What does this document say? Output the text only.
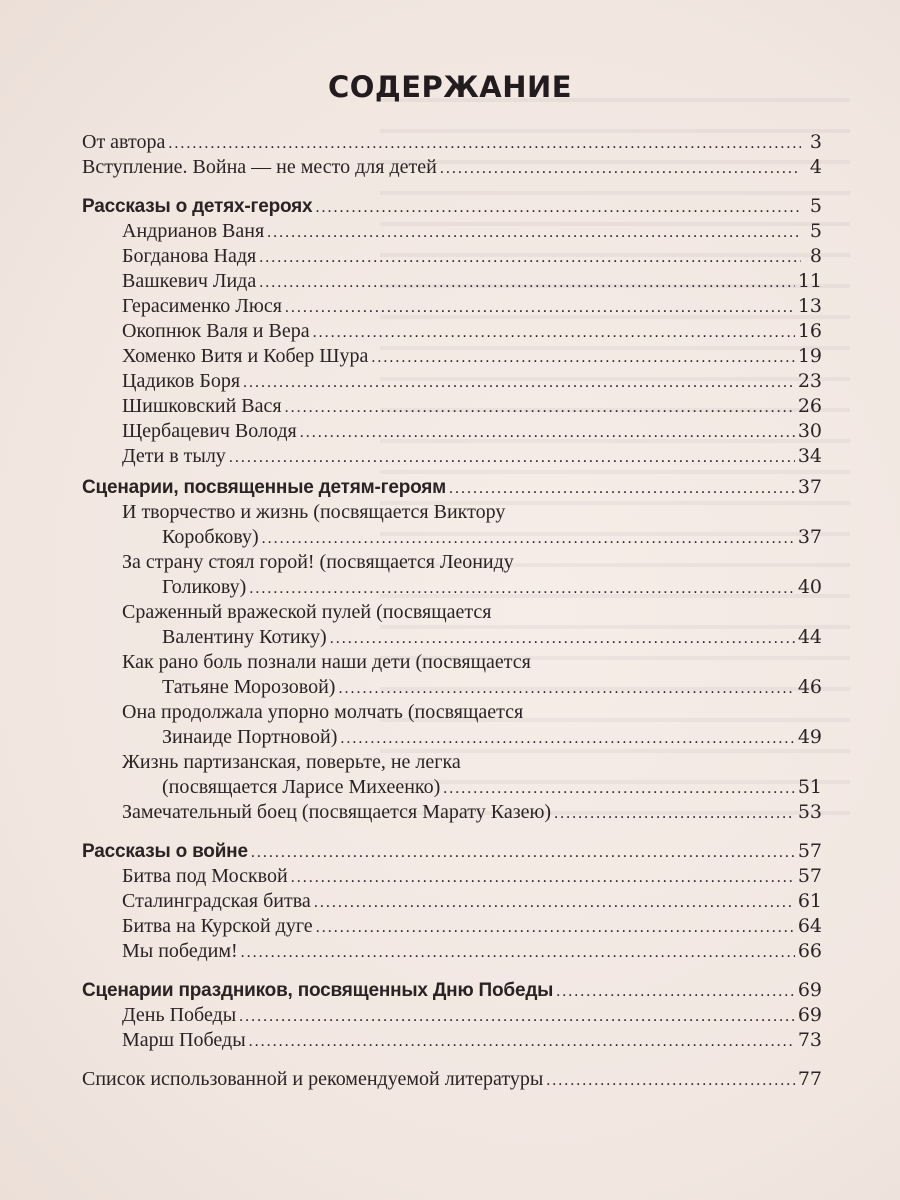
СОДЕРЖАНИЕ
От автора .....	3
Вступление. Война — не место для детей .....	4
Рассказы о детях-героях .....	5
Андрианов Ваня .....	5
Богданова Надя .....	8
Вашкевич Лида .....	11
Герасименко Люся .....	13
Окопнюк Валя и Вера .....	16
Хоменко Витя и Кобер Шура .....	19
Цадиков Боря .....	23
Шишковский Вася .....	26
Щербацевич Володя .....	30
Дети в тылу .....	34
Сценарии, посвященные детям-героям .....	37
И творчество и жизнь (посвящается Виктору
Коробкову) .....	37
За страну стоял горой! (посвящается Леониду
Голикову) .....	40
Сраженный вражеской пулей (посвящается
Валентину Котику) .....	44
Как рано боль познали наши дети (посвящается
Татьяне Морозовой) .....	46
Она продолжала упорно молчать (посвящается
Зинаиде Портновой) .....	49
Жизнь партизанская, поверьте, не легка
(посвящается Ларисе Михеенко) .....	51
Замечательный боец (посвящается Марату Казею) .....	53
Рассказы о войне .....	57
Битва под Москвой .....	57
Сталинградская битва .....	61
Битва на Курской дуге .....	64
Мы победим! .....	66
Сценарии праздников, посвященных Дню Победы .....	69
День Победы .....	69
Марш Победы .....	73
Список использованной и рекомендуемой литературы .....	77
